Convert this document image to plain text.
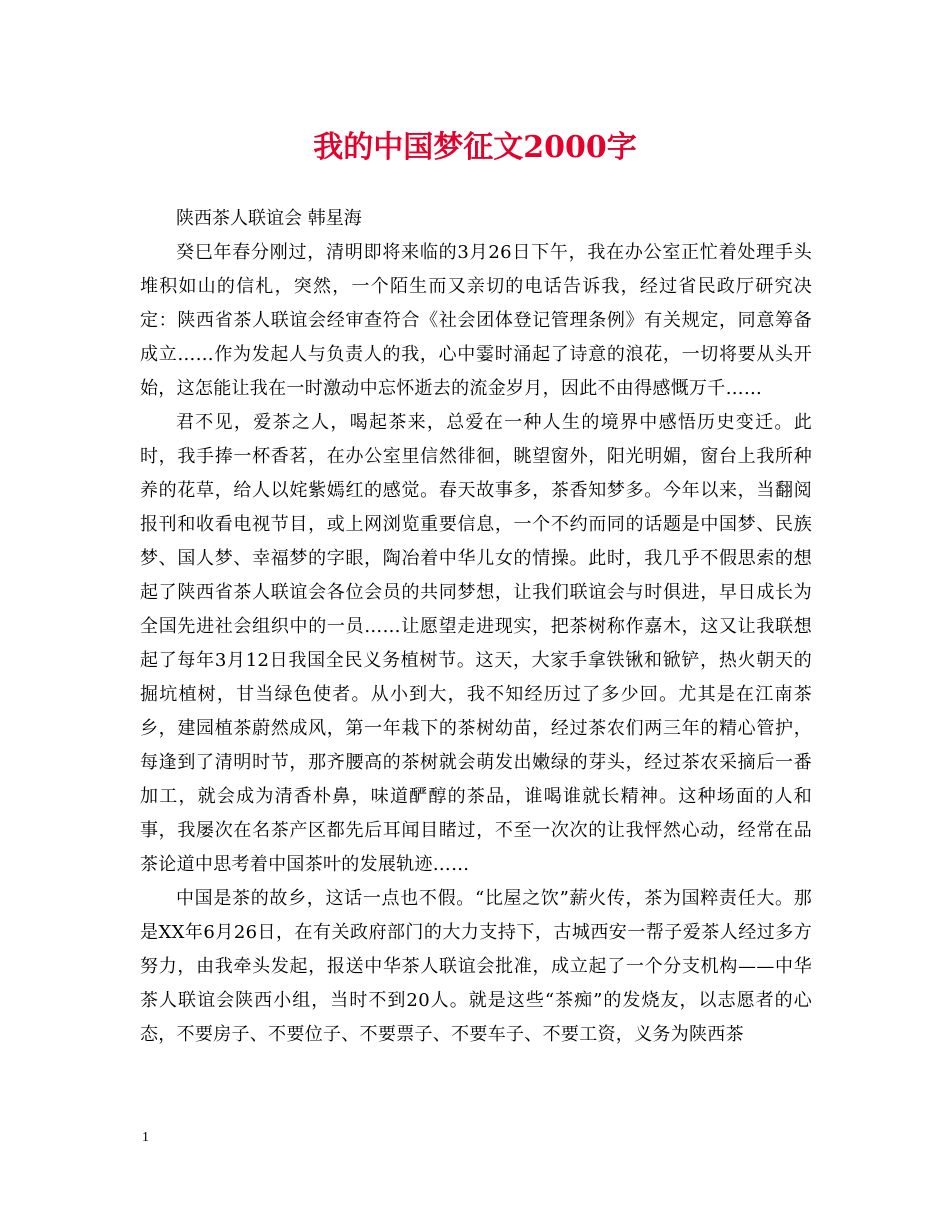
我的中国梦征文2000字

陕西茶人联谊会 韩星海

癸巳年春分刚过，清明即将来临的3月26日下午，我在办公室正忙着处理手头堆积如山的信札，突然，一个陌生而又亲切的电话告诉我，经过省民政厅研究决定：陕西省茶人联谊会经审查符合《社会团体登记管理条例》有关规定，同意筹备成立……作为发起人与负责人的我，心中霎时涌起了诗意的浪花，一切将要从头开始，这怎能让我在一时激动中忘怀逝去的流金岁月，因此不由得感慨万千……

君不见，爱茶之人，喝起茶来，总爱在一种人生的境界中感悟历史变迁。此时，我手捧一杯香茗，在办公室里信然徘徊，眺望窗外，阳光明媚，窗台上我所种养的花草，给人以姹紫嫣红的感觉。春天故事多，茶香知梦多。今年以来，当翻阅报刊和收看电视节目，或上网浏览重要信息，一个不约而同的话题是中国梦、民族梦、国人梦、幸福梦的字眼，陶冶着中华儿女的情操。此时，我几乎不假思索的想起了陕西省茶人联谊会各位会员的共同梦想，让我们联谊会与时俱进，早日成长为全国先进社会组织中的一员……让愿望走进现实，把茶树称作嘉木，这又让我联想起了每年3月12日我国全民义务植树节。这天，大家手拿铁锹和锨铲，热火朝天的掘坑植树，甘当绿色使者。从小到大，我不知经历过了多少回。尤其是在江南茶乡，建园植茶蔚然成风，第一年栽下的茶树幼苗，经过茶农们两三年的精心管护，每逢到了清明时节，那齐腰高的茶树就会萌发出嫩绿的芽头，经过茶农采摘后一番加工，就会成为清香朴鼻，味道酽醇的茶品，谁喝谁就长精神。这种场面的人和事，我屡次在名茶产区都先后耳闻目睹过，不至一次次的让我怦然心动，经常在品茶论道中思考着中国茶叶的发展轨迹……

中国是茶的故乡，这话一点也不假。“比屋之饮”薪火传，茶为国粹责任大。那是XX年6月26日，在有关政府部门的大力支持下，古城西安一帮子爱茶人经过多方努力，由我牵头发起，报送中华茶人联谊会批准，成立起了一个分支机构——中华茶人联谊会陕西小组，当时不到20人。就是这些“茶痴”的发烧友，以志愿者的心态，不要房子、不要位子、不要票子、不要车子、不要工资，义务为陕西茶

1
